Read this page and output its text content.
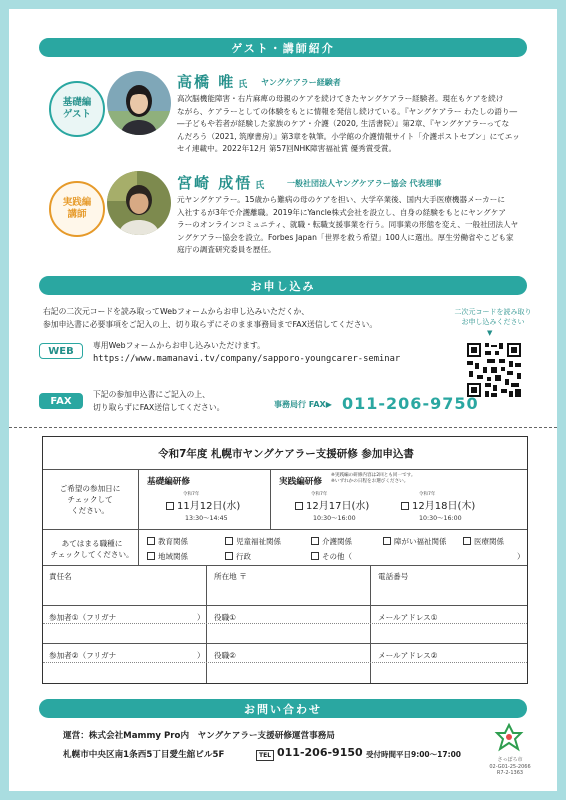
ゲスト・講師紹介
基礎編
ゲスト
高橋 唯 氏 ヤングケアラー経験者
高次脳機能障害・右片麻痺の母親のケアを続けてきたヤングケアラー経験者。現在もケアを続け
ながら、ケアラーとしての体験をもとに情報を発信し続けている。『ヤングケアラー わたしの語り―
―子どもや若者が経験した家族のケア・介護（2020, 生活書院）』第2章、『ヤングケアラーってな
んだろう（2021, 筑摩書房）』第3章を執筆。小学館の介護情報サイト「介護ポストセブン」にてエッ
セイ連載中。2022年12月 第57回NHK障害福祉賞 優秀賞受賞。
実践編
講師
宮崎 成悟 氏	一般社団法人ヤングケアラー協会 代表理事
元ヤングケアラー。15歳から難病の母のケアを担い、大学卒業後、国内大手医療機器メーカーに
入社するが3年で介護離職。2019年にYancle株式会社を設立し、自身の経験をもとにヤングケア
ラーのオンラインコミュニティ、就職・転職支援事業を行う。同事業の形態を変え、一般社団法人ヤ
ングケアラー協会を設立。Forbes Japan「世界を救う希望」100人に選出。厚生労働省やこども家
庭庁の調査研究委員を歴任。
お申し込み
右記の二次元コードを読み取ってWebフォームからお申し込みいただくか、
参加申込書に必要事項をご記入の上、切り取らずにそのまま事務局までFAX送信してください。
二次元コードを読み取り
お申し込みください
▼
WEB	専用Webフォームからお申し込みいただけます。
https://www.mamanavi.tv/company/sapporo-youngcarer-seminar
FAX
下記の参加申込書にご記入の上、
切り取らずにFAX送信してください。	事務局行 FAX▶ 011-206-9750
令和7年度 札幌市ヤングケアラー支援研修 参加申込書
ご希望の参加日に
チェックして
ください。
基礎編研修
令和7年
11月12日(水)
13:30〜14:45
実践編研修
※実践編の研修内容は2回とも同一です。
※いずれかの日程をお選びください。
令和7年
12月17日(水)
10:30〜16:00
令和7年
12月18日(木)
10:30〜16:00
あてはまる職種に
チェックしてください。
教育関係	児童福祉関係	介護関係	障がい福祉関係	医療関係
地域関係	行政	その他（	）
責任名	所在地 〒	電話番号
参加者①（フリガナ	） 役職①	メールアドレス①
参加者②（フリガナ	） 役職②	メールアドレス②
お問い合わせ
運営：株式会社Mammy Pro内　ヤングケアラー支援研修運営事務局
札幌市中央区南1条西5丁目愛生舘ビル5F	TEL 011-206-9150 受付時間平日9:00〜17:00
さっぽろ市
02-G01-25-2066
R7-2-1363
